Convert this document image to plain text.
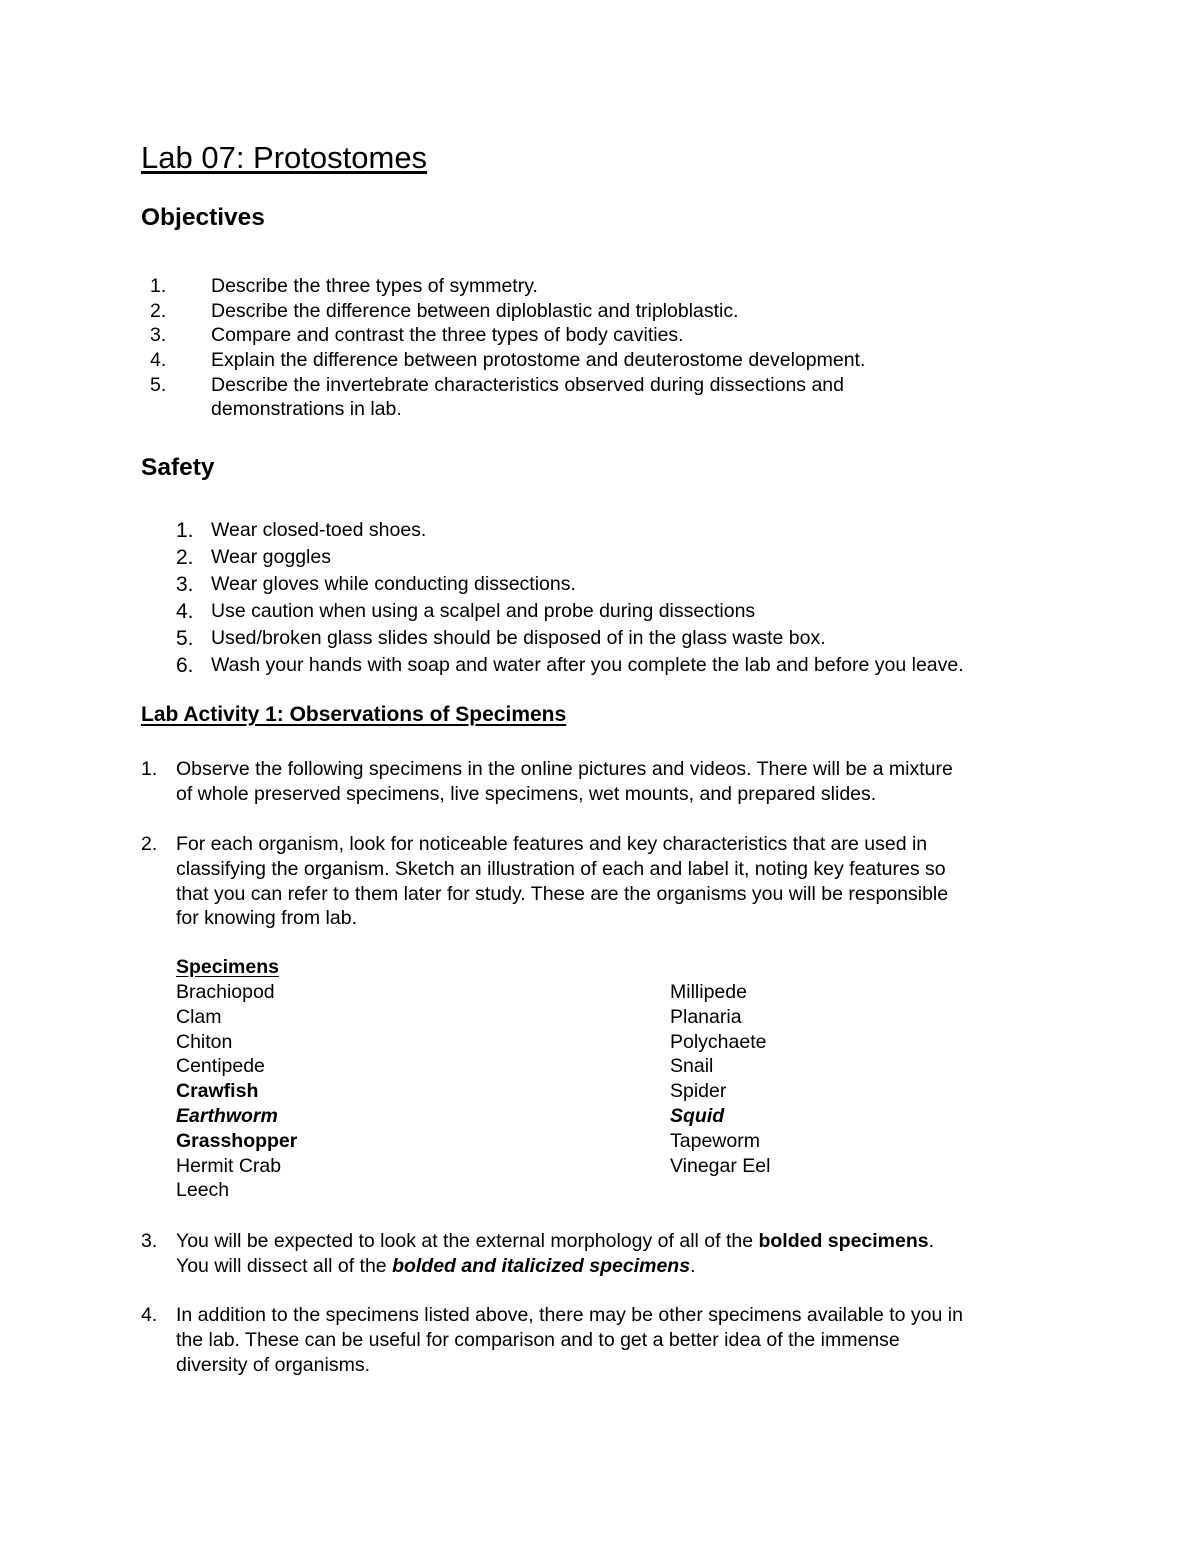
Lab 07: Protostomes
Objectives
1. Describe the three types of symmetry.
2. Describe the difference between diploblastic and triploblastic.
3. Compare and contrast the three types of body cavities.
4. Explain the difference between protostome and deuterostome development.
5. Describe the invertebrate characteristics observed during dissections and
demonstrations in lab.
Safety
1. Wear closed-toed shoes.
2. Wear goggles
3. Wear gloves while conducting dissections.
4. Use caution when using a scalpel and probe during dissections
5. Used/broken glass slides should be disposed of in the glass waste box.
6. Wash your hands with soap and water after you complete the lab and before you leave.
Lab Activity 1: Observations of Specimens
1. Observe the following specimens in the online pictures and videos. There will be a mixture
of whole preserved specimens, live specimens, wet mounts, and prepared slides.
2. For each organism, look for noticeable features and key characteristics that are used in
classifying the organism. Sketch an illustration of each and label it, noting key features so
that you can refer to them later for study. These are the organisms you will be responsible
for knowing from lab.
Specimens
Brachiopod
Clam
Chiton
Centipede
Crawfish
Earthworm
Grasshopper
Hermit Crab
Leech
Millipede
Planaria
Polychaete
Snail
Spider
Squid
Tapeworm
Vinegar Eel
3. You will be expected to look at the external morphology of all of the bolded specimens.
You will dissect all of the bolded and italicized specimens.
4. In addition to the specimens listed above, there may be other specimens available to you in
the lab. These can be useful for comparison and to get a better idea of the immense
diversity of organisms.
